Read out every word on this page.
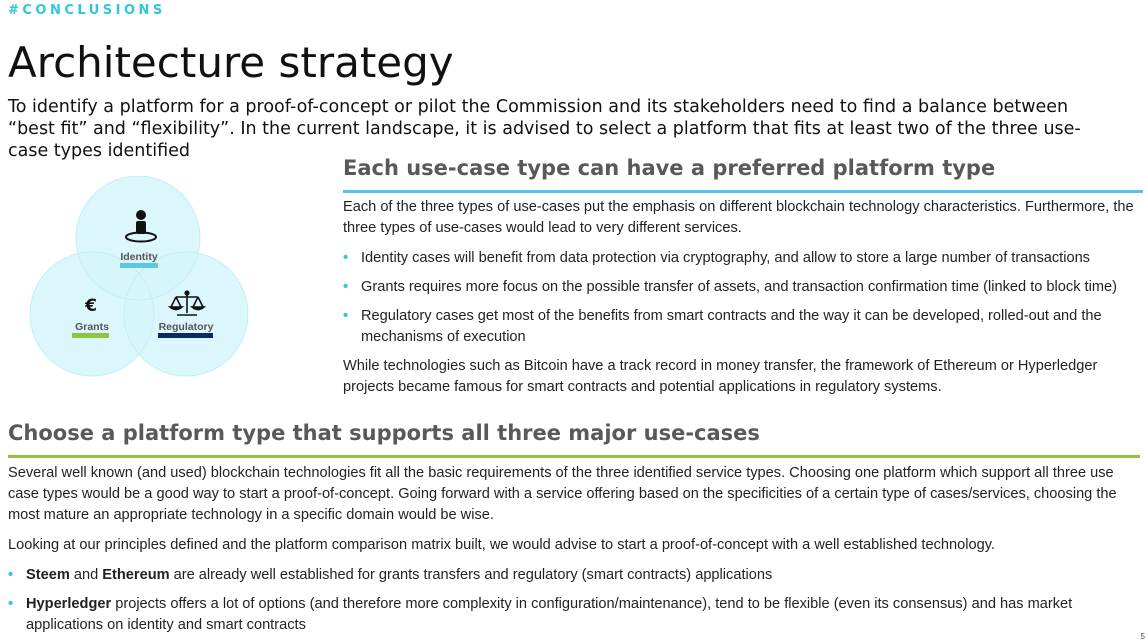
#CONCLUSIONS
Architecture strategy

To identify a platform for a proof-of-concept or pilot the Commission and its stakeholders need to find a balance between “best fit” and “flexibility”. In the current landscape, it is advised to select a platform that fits at least two of the three use-case types identified

Identity
€
Grants	Regulatory
Each use-case type can have a preferred platform type

Each of the three types of use-cases put the emphasis on different blockchain technology characteristics. Furthermore, the three types of use-cases would lead to very different services.

• Identity cases will benefit from data protection via cryptography, and allow to store a large number of transactions
• Grants requires more focus on the possible transfer of assets, and transaction confirmation time (linked to block time)
• Regulatory cases get most of the benefits from smart contracts and the way it can be developed, rolled-out and the mechanisms of execution

While technologies such as Bitcoin have a track record in money transfer, the framework of Ethereum or Hyperledger projects became famous for smart contracts and potential applications in regulatory systems.

Choose a platform type that supports all three major use-cases

Several well known (and used) blockchain technologies fit all the basic requirements of the three identified service types. Choosing one platform which support all three use case types would be a good way to start a proof-of-concept. Going forward with a service offering based on the specificities of a certain type of cases/services, choosing the most mature an appropriate technology in a specific domain would be wise.

Looking at our principles defined and the platform comparison matrix built, we would advise to start a proof-of-concept with a well established technology.

• Steem and Ethereum are already well established for grants transfers and regulatory (smart contracts) applications
• Hyperledger projects offers a lot of options (and therefore more complexity in configuration/maintenance), tend to be flexible (even its consensus) and has market applications on identity and smart contracts
5
